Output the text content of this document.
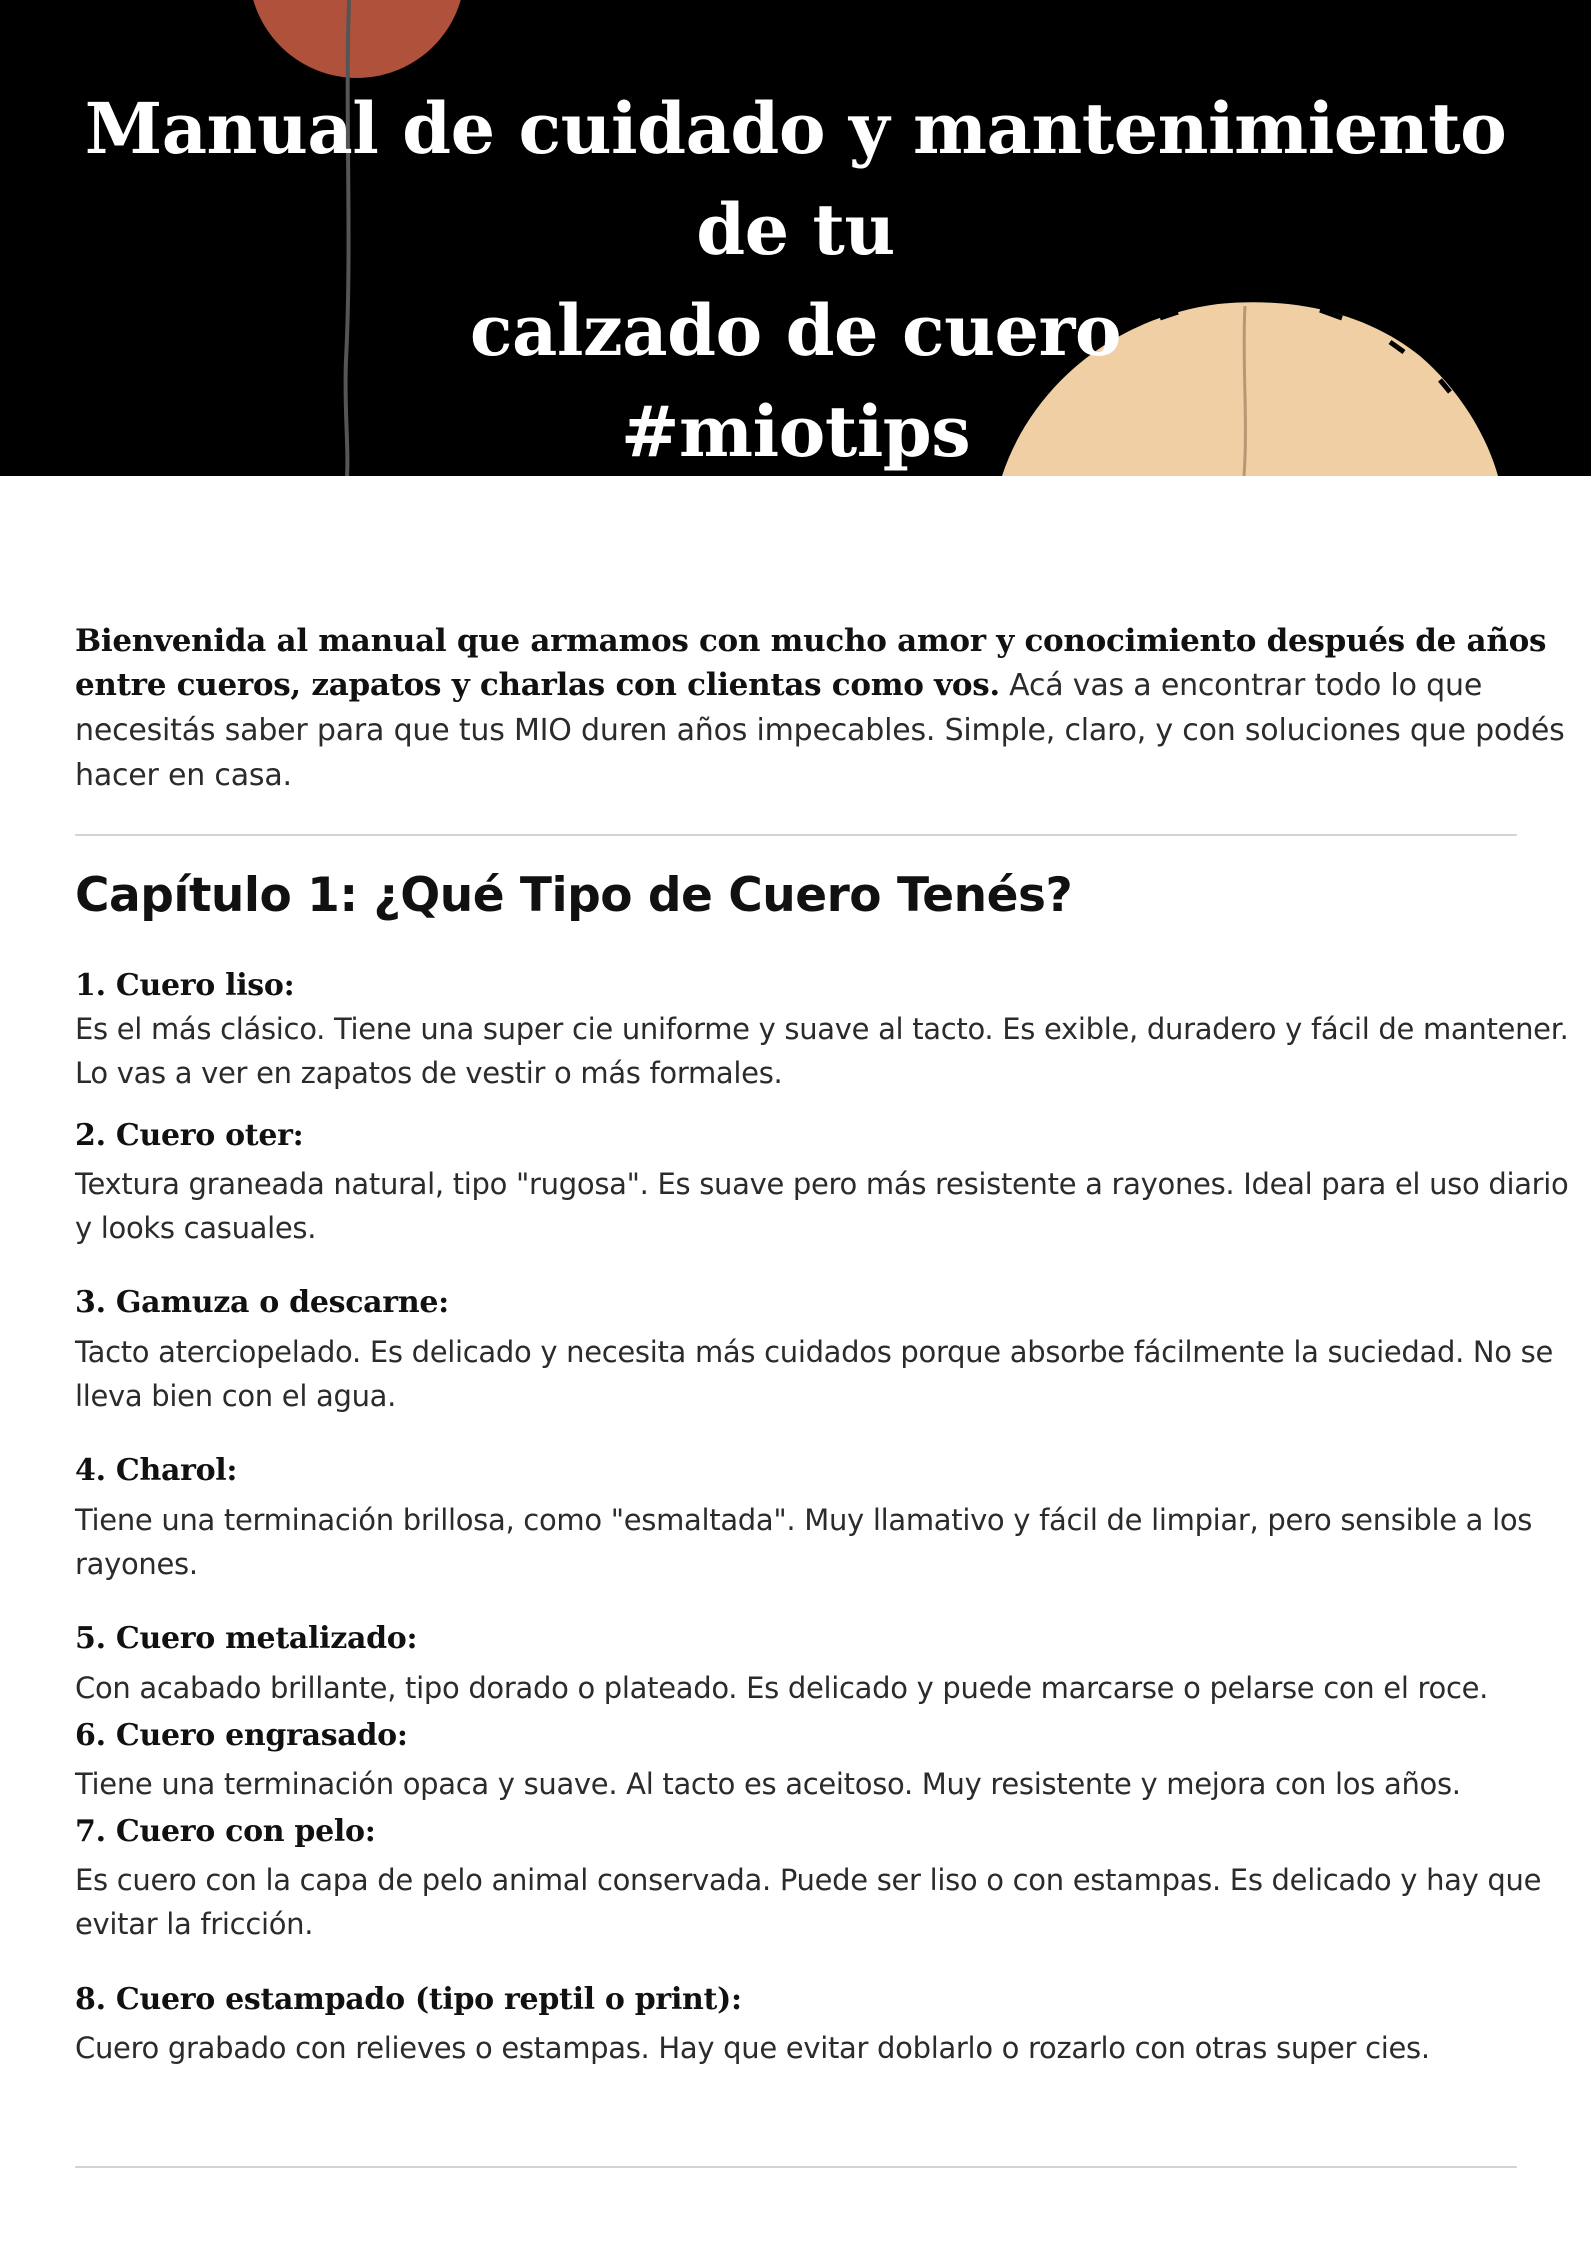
Manual de cuidado y mantenimiento de tu
calzado de cuero
#miotips
Bienvenida al manual que armamos con mucho amor y conocimiento después de años entre cueros, zapatos y charlas con clientas como vos. Acá vas a encontrar todo lo que necesitás saber para que tus MIO duren años impecables. Simple, claro, y con soluciones que podés hacer en casa.
Capítulo 1: ¿Qué Tipo de Cuero Tenés?
1. Cuero liso:
Es el más clásico. Tiene una super cie uniforme y suave al tacto. Es exible, duradero y fácil de mantener. Lo vas a ver en zapatos de vestir o más formales.
2. Cuero oter:
Textura graneada natural, tipo "rugosa". Es suave pero más resistente a rayones. Ideal para el uso diario y looks casuales.
3. Gamuza o descarne:
Tacto aterciopelado. Es delicado y necesita más cuidados porque absorbe fácilmente la suciedad. No se lleva bien con el agua.
4. Charol:
Tiene una terminación brillosa, como "esmaltada". Muy llamativo y fácil de limpiar, pero sensible a los rayones.
5. Cuero metalizado:
Con acabado brillante, tipo dorado o plateado. Es delicado y puede marcarse o pelarse con el roce.
6. Cuero engrasado:
Tiene una terminación opaca y suave. Al tacto es aceitoso. Muy resistente y mejora con los años.
7. Cuero con pelo:
Es cuero con la capa de pelo animal conservada. Puede ser liso o con estampas. Es delicado y hay que evitar la fricción.
8. Cuero estampado (tipo reptil o print):
Cuero grabado con relieves o estampas. Hay que evitar doblarlo o rozarlo con otras super cies.
